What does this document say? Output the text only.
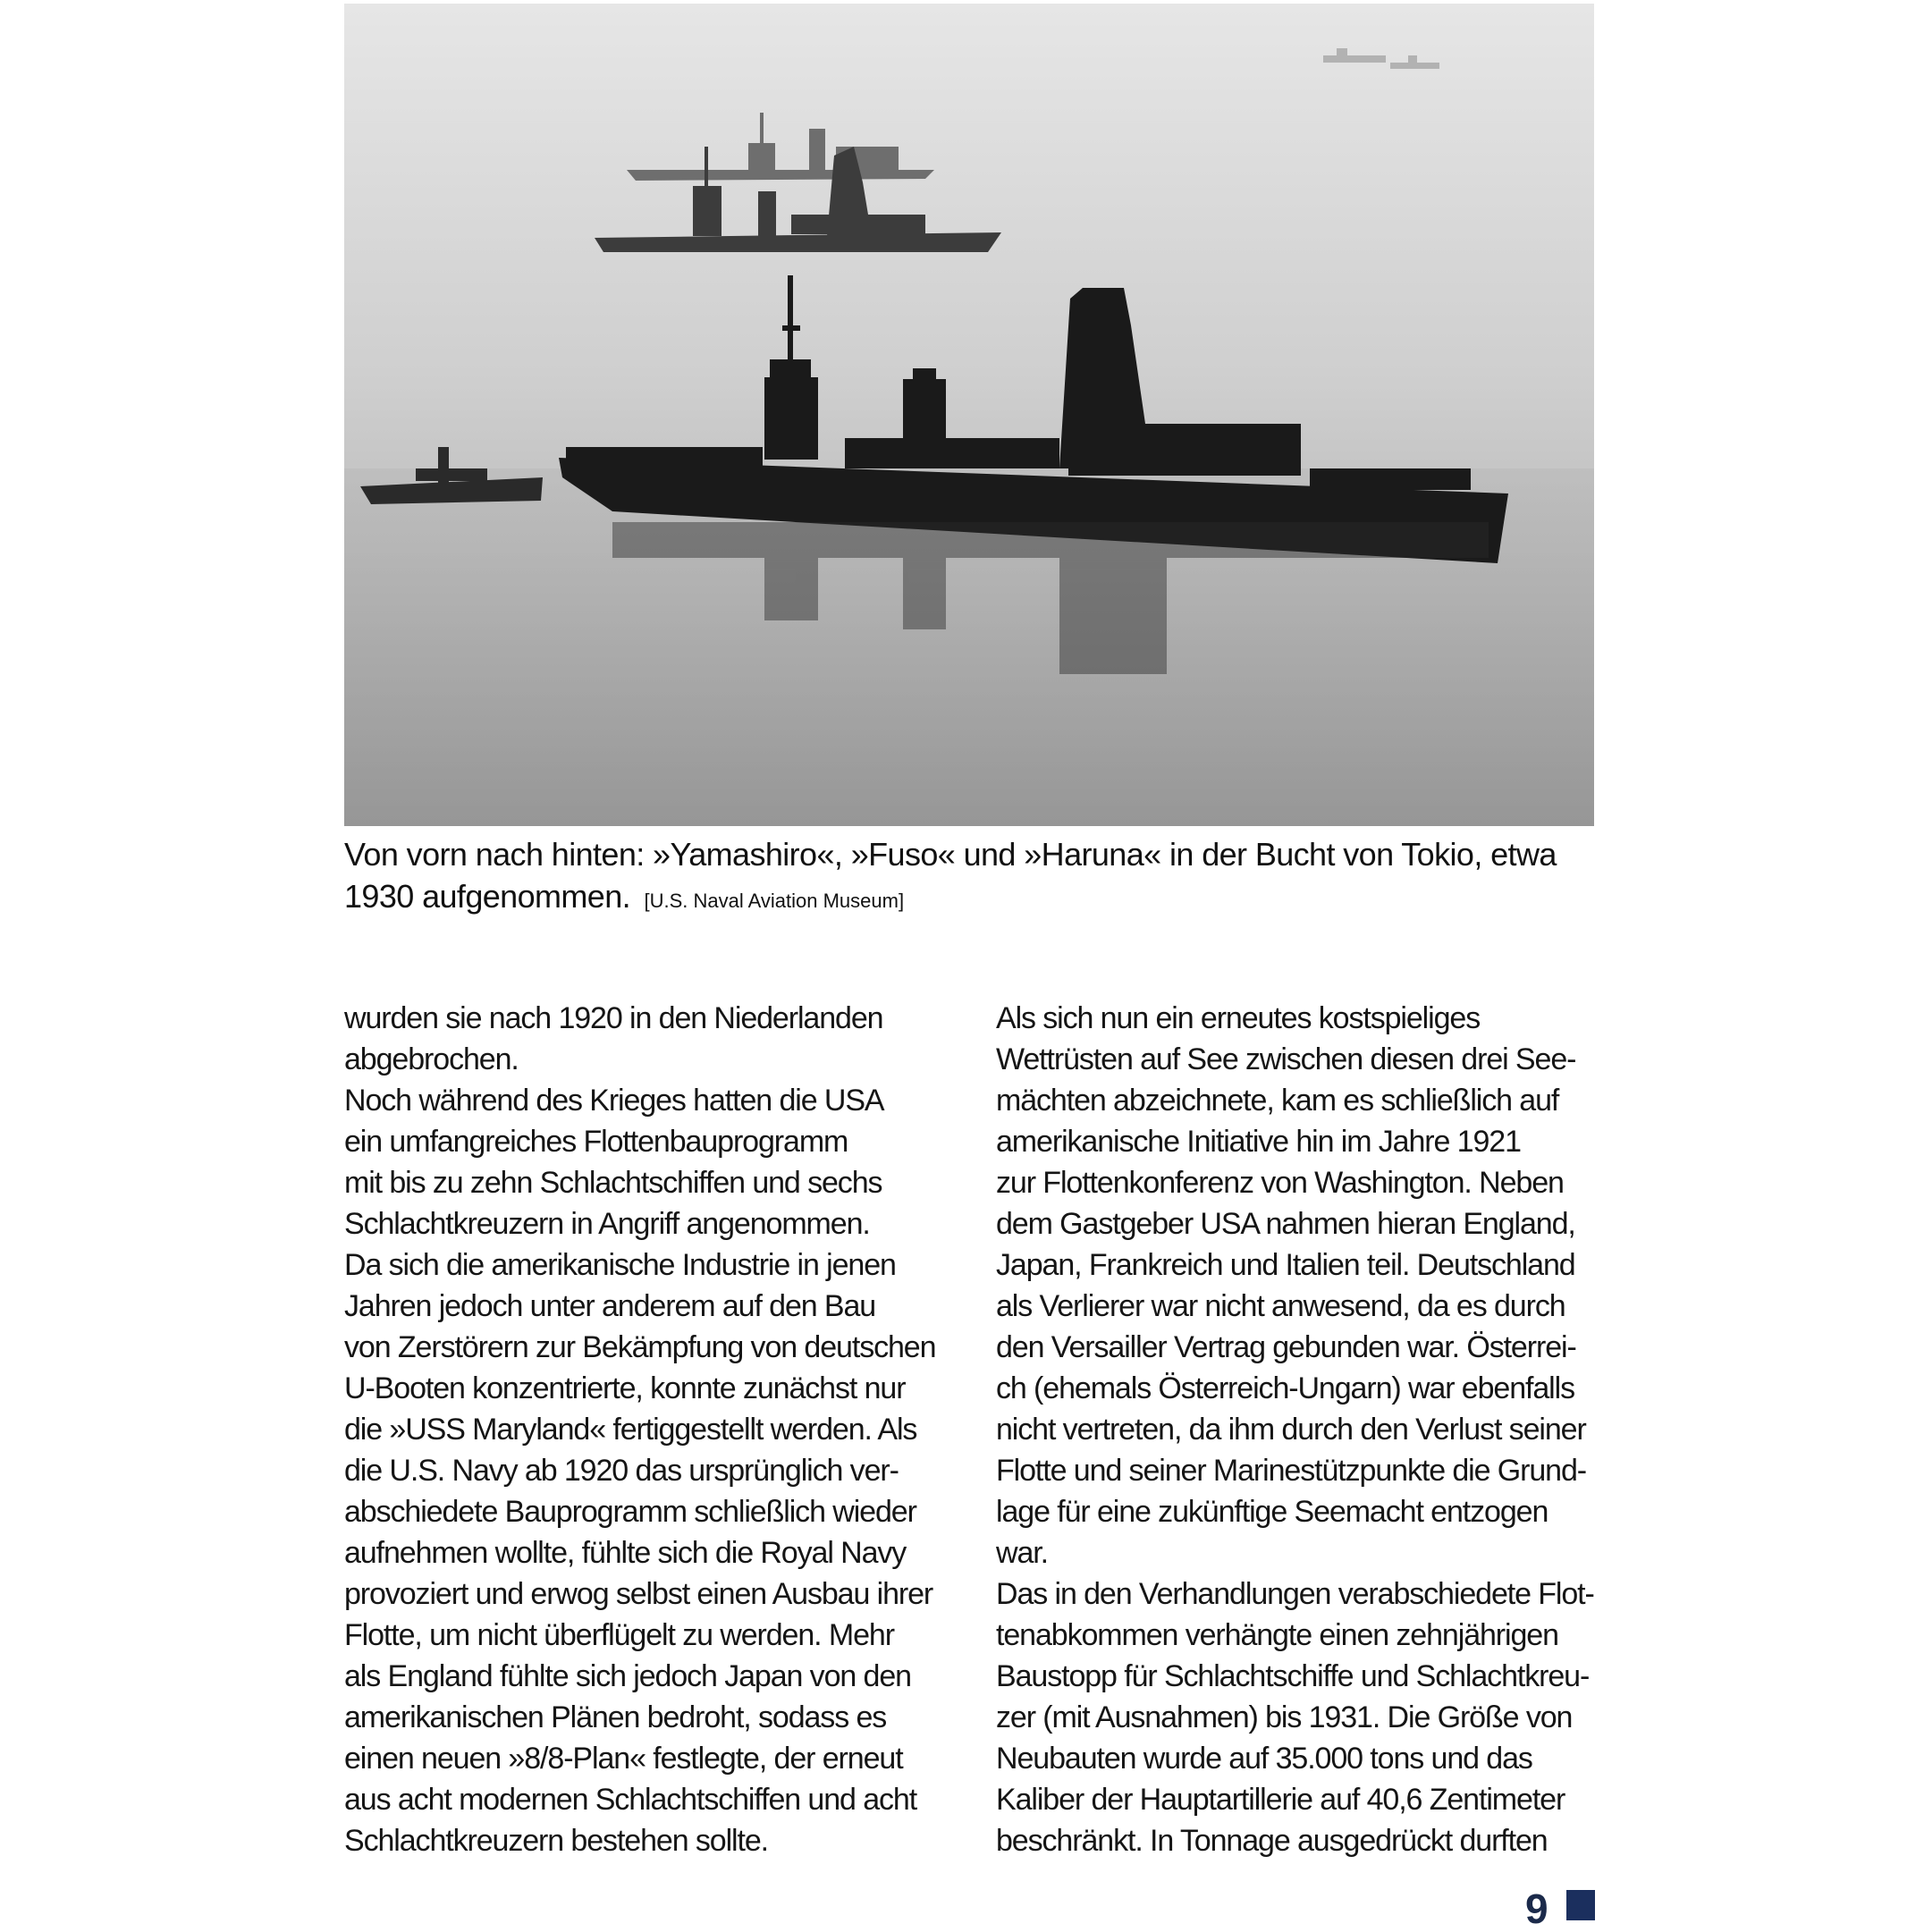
Von vorn nach hinten: »Yamashiro«, »Fuso« und »Haruna« in der Bucht von Tokio, etwa
1930 aufgenommen. [U.S. Naval Aviation Museum]
wurden sie nach 1920 in den Niederlanden
abgebrochen.
Noch während des Krieges hatten die USA
ein umfangreiches Flottenbauprogramm
mit bis zu zehn Schlachtschiffen und sechs
Schlachtkreuzern in Angriff angenommen.
Da sich die amerikanische Industrie in jenen
Jahren jedoch unter anderem auf den Bau
von Zerstörern zur Bekämpfung von deutschen
U-Booten konzentrierte, konnte zunächst nur
die »USS Maryland« fertiggestellt werden. Als
die U.S. Navy ab 1920 das ursprünglich ver-
abschiedete Bauprogramm schließlich wieder
aufnehmen wollte, fühlte sich die Royal Navy
provoziert und erwog selbst einen Ausbau ihrer
Flotte, um nicht überflügelt zu werden. Mehr
als England fühlte sich jedoch Japan von den
amerikanischen Plänen bedroht, sodass es
einen neuen »8/8-Plan« festlegte, der erneut
aus acht modernen Schlachtschiffen und acht
Schlachtkreuzern bestehen sollte.
Als sich nun ein erneutes kostspieliges
Wettrüsten auf See zwischen diesen drei See-
mächten abzeichnete, kam es schließlich auf
amerikanische Initiative hin im Jahre 1921
zur Flottenkonferenz von Washington. Neben
dem Gastgeber USA nahmen hieran England,
Japan, Frankreich und Italien teil. Deutschland
als Verlierer war nicht anwesend, da es durch
den Versailler Vertrag gebunden war. Österrei-
ch (ehemals Österreich-Ungarn) war ebenfalls
nicht vertreten, da ihm durch den Verlust seiner
Flotte und seiner Marinestützpunkte die Grund-
lage für eine zukünftige Seemacht entzogen
war.
Das in den Verhandlungen verabschiedete Flot-
tenabkommen verhängte einen zehnjährigen
Baustopp für Schlachtschiffe und Schlachtkreu-
zer (mit Ausnahmen) bis 1931. Die Größe von
Neubauten wurde auf 35.000 tons und das
Kaliber der Hauptartillerie auf 40,6 Zentimeter
beschränkt. In Tonnage ausgedrückt durften
9
